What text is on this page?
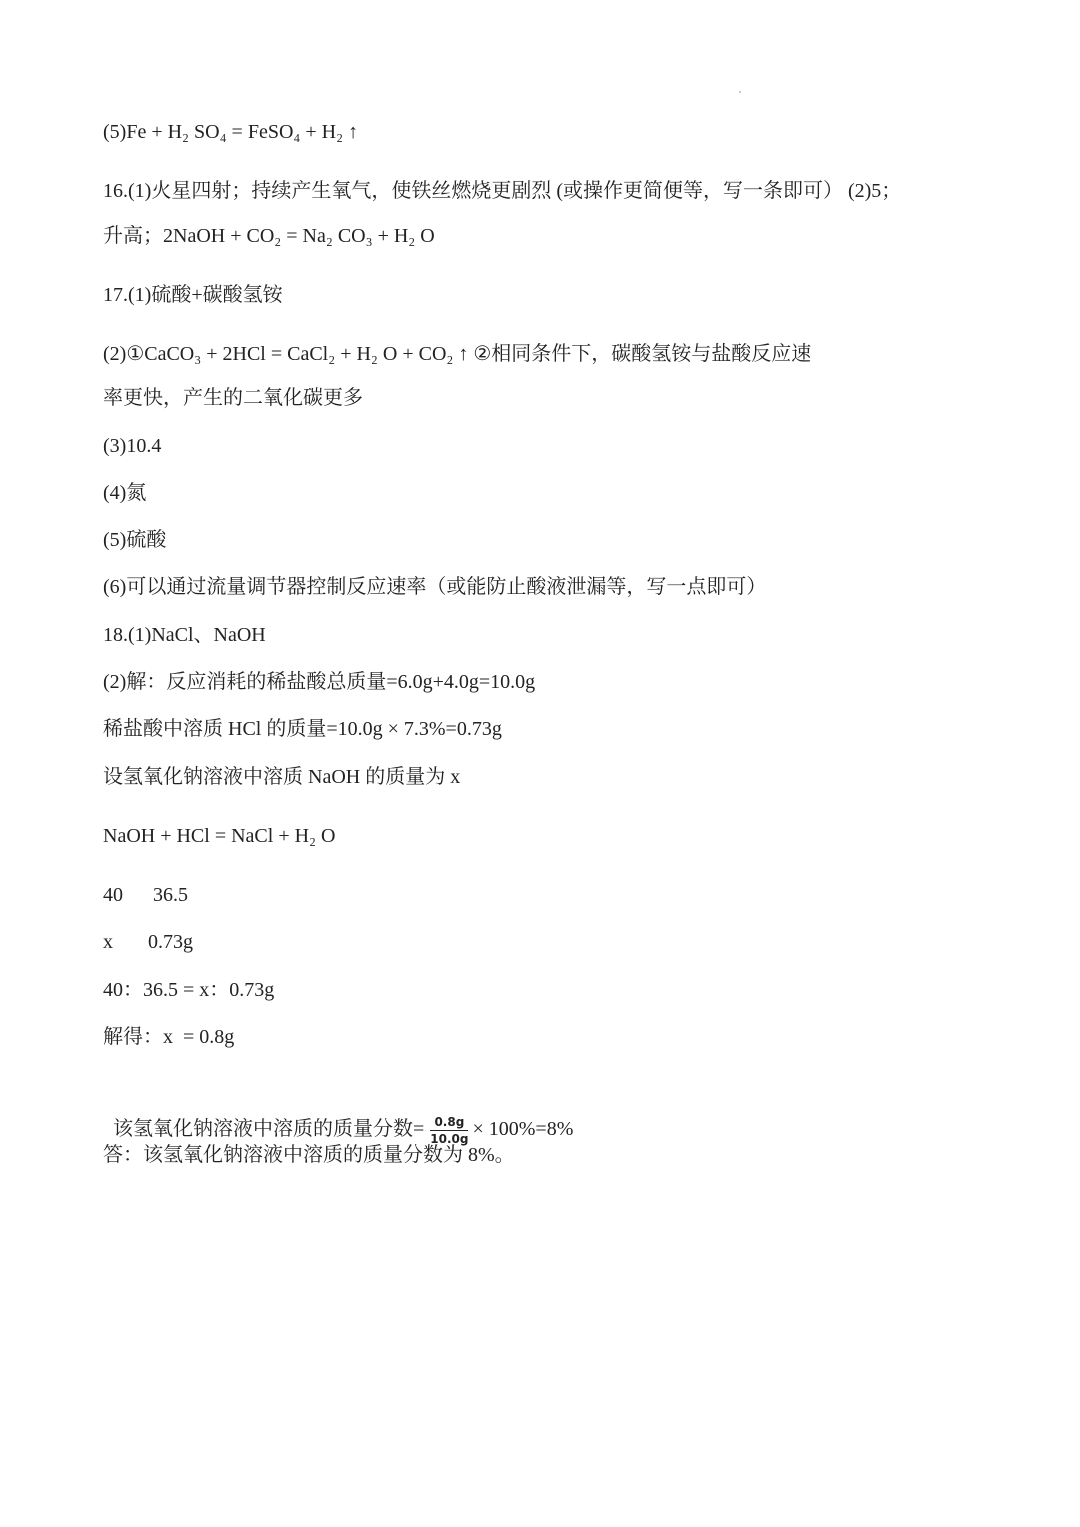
(5)Fe + H₂ SO₄ = FeSO₄ + H₂ ↑
16.(1)火星四射；持续产生氧气，使铁丝燃烧更剧烈 (或操作更简便等，写一条即可） (2)5；
升高；2NaOH + CO₂ = Na₂ CO₃ + H₂ O
17.(1)硫酸+碳酸氢铵
(2)①CaCO₃ + 2HCl = CaCl₂ + H₂ O + CO₂ ↑ ②相同条件下，碳酸氢铵与盐酸反应速
率更快，产生的二氧化碳更多
(3)10.4
(4)氮
(5)硫酸
(6)可以通过流量调节器控制反应速率（或能防止酸液泄漏等，写一点即可）
18.(1)NaCl、NaOH
(2)解：反应消耗的稀盐酸总质量=6.0g+4.0g=10.0g
稀盐酸中溶质 HCl 的质量=10.0g × 7.3%=0.73g
设氢氧化钠溶液中溶质 NaOH 的质量为 x
NaOH + HCl = NaCl + H₂ O
40      36.5
x       0.73g
40：36.5 = x：0.73g
解得：x  = 0.8g

该氢氧化钠溶液中溶质的质量分数= $\frac{0.8g}{10.0g} \times 100\%=8\%$

答：该氢氧化钠溶液中溶质的质量分数为 8%。
